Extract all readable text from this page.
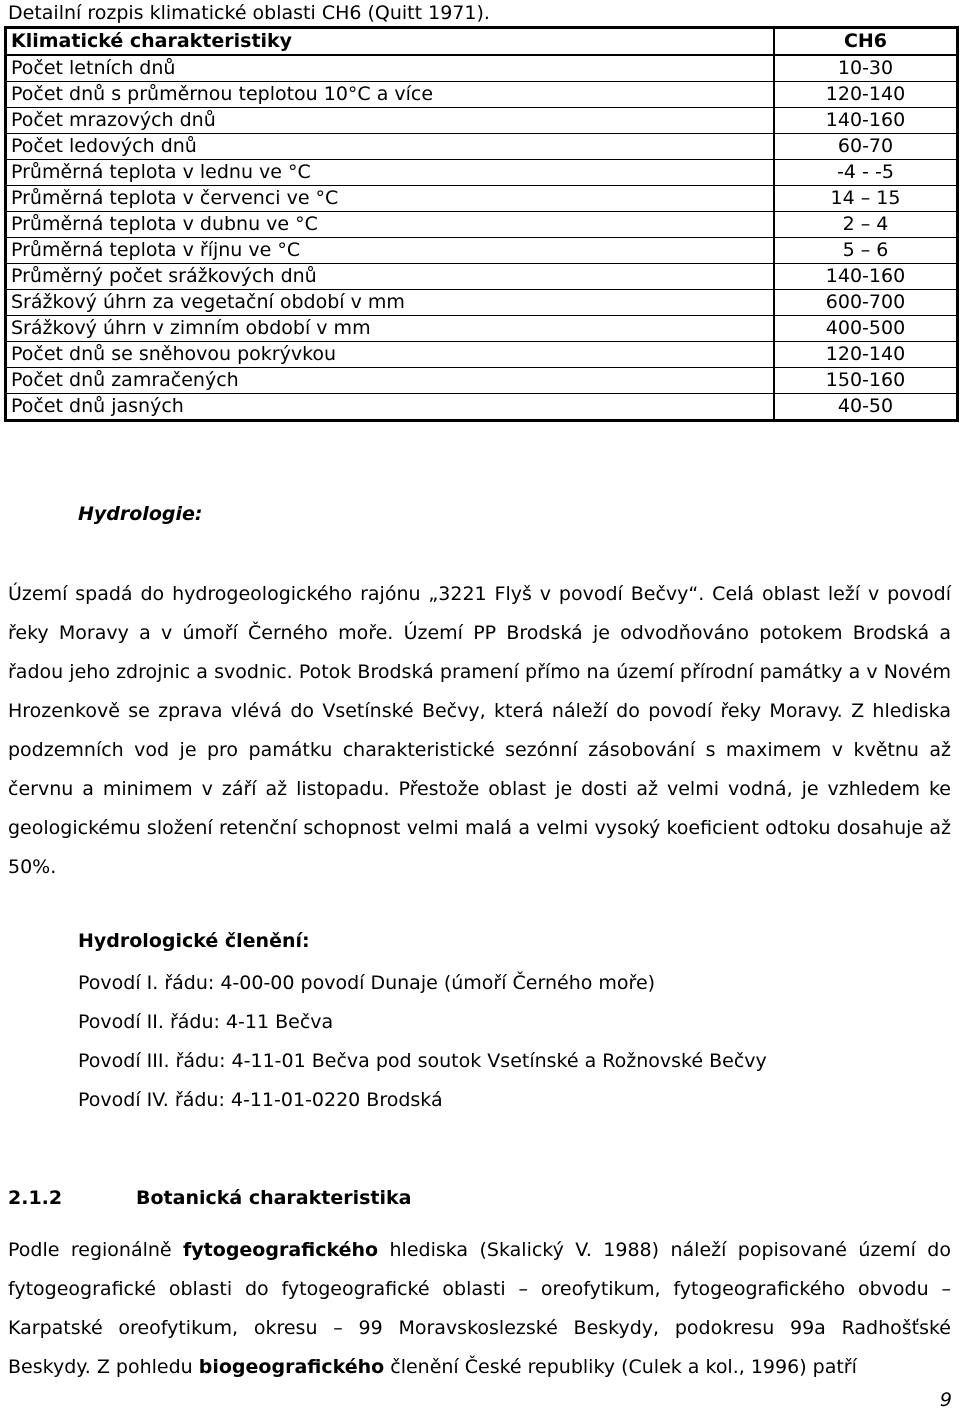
Detailní rozpis klimatické oblasti CH6 (Quitt 1971).
Klimatické charakteristiky	CH6
Počet letních dnů	10-30
Počet dnů s průměrnou teplotou 10°C a více	120-140
Počet mrazových dnů	140-160
Počet ledových dnů	60-70
Průměrná teplota v lednu ve °C	-4 - -5
Průměrná teplota v červenci ve °C	14 – 15
Průměrná teplota v dubnu ve °C	2 – 4
Průměrná teplota v říjnu ve °C	5 – 6
Průměrný počet srážkových dnů	140-160
Srážkový úhrn za vegetační období v mm	600-700
Srážkový úhrn v zimním období v mm	400-500
Počet dnů se sněhovou pokrývkou	120-140
Počet dnů zamračených	150-160
Počet dnů jasných	40-50
Hydrologie:

Území spadá do hydrogeologického rajónu „3221 Flyš v povodí Bečvy“. Celá oblast leží v povodí řeky Moravy a v úmoří Černého moře. Území PP Brodská je odvodňováno potokem Brodská a řadou jeho zdrojnic a svodnic. Potok Brodská pramení přímo na území přírodní památky a v Novém Hrozenkově se zprava vlévá do Vsetínské Bečvy, která náleží do povodí řeky Moravy. Z hlediska podzemních vod je pro památku charakteristické sezónní zásobování s maximem v květnu až červnu a minimem v září až listopadu. Přestože oblast je dosti až velmi vodná, je vzhledem ke geologickému složení retenční schopnost velmi malá a velmi vysoký koeficient odtoku dosahuje až 50%.

Hydrologické členění:
Povodí I. řádu: 4-00-00 povodí Dunaje (úmoří Černého moře)
Povodí II. řádu: 4-11 Bečva
Povodí III. řádu: 4-11-01 Bečva pod soutok Vsetínské a Rožnovské Bečvy
Povodí IV. řádu: 4-11-01-0220 Brodská
2.1.2	Botanická charakteristika

Podle regionálně fytogeografického hlediska (Skalický V. 1988) náleží popisované území do fytogeografické oblasti do fytogeografické oblasti – oreofytikum, fytogeografického obvodu – Karpatské oreofytikum, okresu – 99 Moravskoslezské Beskydy, podokresu 99a Radhošťské Beskydy. Z pohledu biogeografického členění České republiky (Culek a kol., 1996) patří

9
